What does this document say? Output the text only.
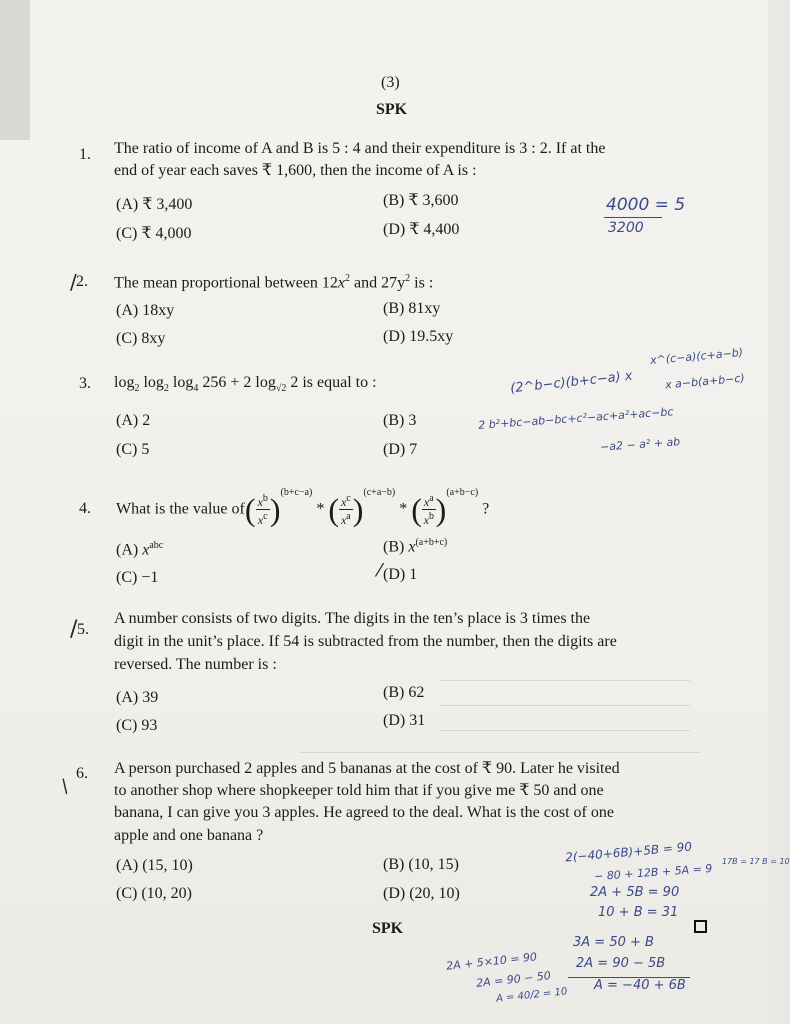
(3)
SPK
1. The ratio of income of A and B is 5 : 4 and their expenditure is 3 : 2. If at the
end of year each saves ₹ 1,600, then the income of A is :
(A) ₹ 3,400	(B) ₹ 3,600
(C) ₹ 4,000	(D) ₹ 4,400
4000 = 5
3200
2.
/ The mean proportional between $12x^2$ and $27y^2$ is :
(A) 18xy	(B) 81xy
(C) 8xy	(D) 19.5xy
3. $\log_2 \log_2 \log_4 256 + 2$ $\log_{√2} 2$ is equal to :
(A) 2	(B) 3
(C) 5	(D) 7
(2^b−c)(b+c−a) x
x^(c−a)(c+a−b)
x a−b(a+b−c)
2 b²+bc−ab−bc+c²−ac+a²+ac−bc
−a2 − a² + ab
4. What is the value $of( \frac{x^b}{x^c} )^{(b+c-a)}$ * ( $\frac{x^c}{x^a} )^{(c+a-b)}$ * ( $\frac{x^a}{x^b} )^{(a+b-c)}$ ?
(A) $x^{abc}$	(B) $x^{(a+b+c)}$
(C) −1	(D) 1
⁄
5.
/ A number consists of two digits. The digits in the ten’s place is 3 times the
digit in the unit’s place. If 54 is subtracted from the number, then the digits are
reversed. The number is :
(A) 39	(B) 62
(C) 93	(D) 31
6.
/
A person purchased 2 apples and 5 bananas at the cost of ₹ 90. Later he visited
to another shop where shopkeeper told him that if you give me ₹ 50 and one
banana, I can give you 3 apples. He agreed to the deal. What is the cost of one
apple and one banana ?
(A) (15, 10)	(B) (10, 15)
(C) (10, 20)	(D) (20, 10)
2(−40+6B)+5B = 90
− 80 + 12B + 5A = 9
2A + 5B = 90
10 + B = 31
17B = 17 B = 10
3A = 50 + B
2A = 90 − 5B
A = −40 + 6B
2A + 5×10 = 90
2A = 90 − 50
A = 40/2 = 10
SPK
